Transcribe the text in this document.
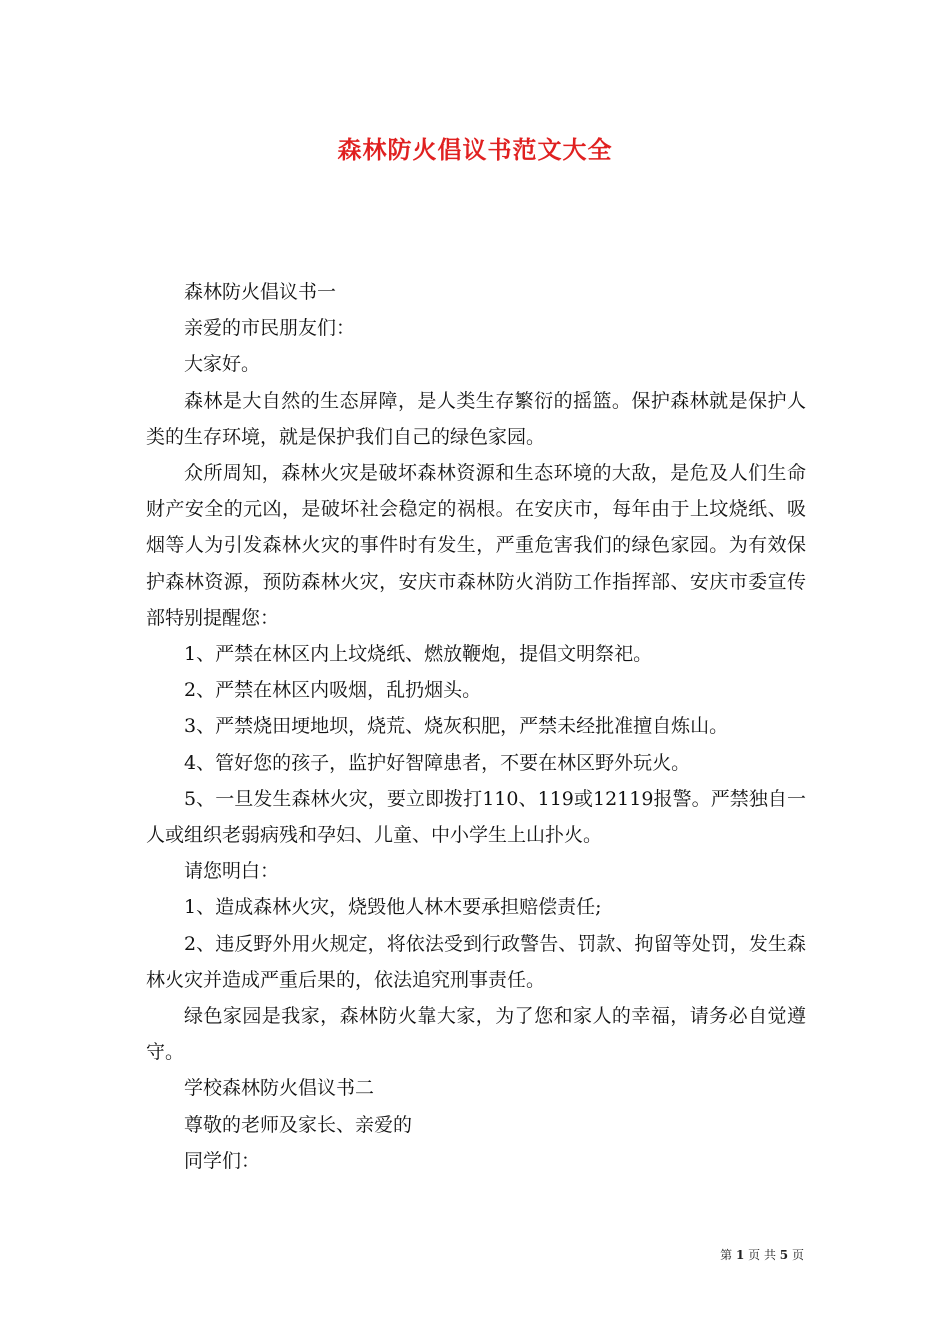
森林防火倡议书范文大全

森林防火倡议书一

亲爱的市民朋友们：

大家好。

森林是大自然的生态屏障，是人类生存繁衍的摇篮。保护森林就是保护人类的生存环境，就是保护我们自己的绿色家园。

众所周知，森林火灾是破坏森林资源和生态环境的大敌，是危及人们生命财产安全的元凶，是破坏社会稳定的祸根。在安庆市，每年由于上坟烧纸、吸烟等人为引发森林火灾的事件时有发生，严重危害我们的绿色家园。为有效保护森林资源，预防森林火灾，安庆市森林防火消防工作指挥部、安庆市委宣传部特别提醒您：

1、严禁在林区内上坟烧纸、燃放鞭炮，提倡文明祭祀。

2、严禁在林区内吸烟，乱扔烟头。

3、严禁烧田埂地坝，烧荒、烧灰积肥，严禁未经批准擅自炼山。

4、管好您的孩子，监护好智障患者，不要在林区野外玩火。

5、一旦发生森林火灾，要立即拨打110、119或12119报警。严禁独自一人或组织老弱病残和孕妇、儿童、中小学生上山扑火。

请您明白：

1、造成森林火灾，烧毁他人林木要承担赔偿责任;

2、违反野外用火规定，将依法受到行政警告、罚款、拘留等处罚，发生森林火灾并造成严重后果的，依法追究刑事责任。

绿色家园是我家，森林防火靠大家，为了您和家人的幸福，请务必自觉遵守。

学校森林防火倡议书二

尊敬的老师及家长、亲爱的

同学们：

第 1 页 共 5 页
